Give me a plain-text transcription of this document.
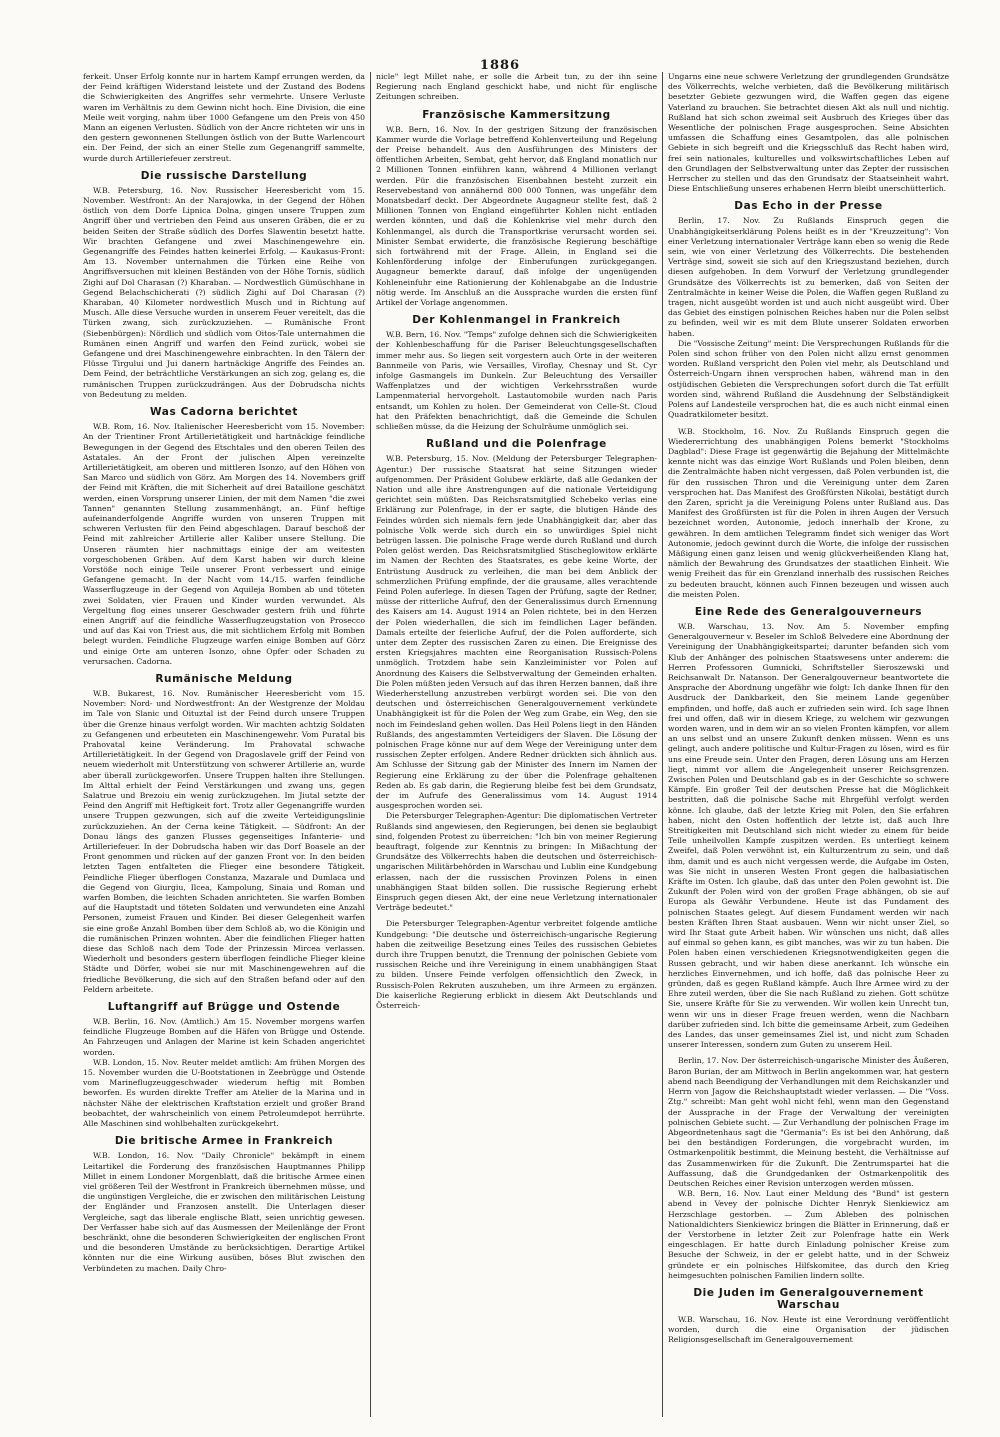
1886

ferkeit. Unser Erfolg konnte nur in hartem Kampf errungen werden, da der Feind kräftigen Widerstand leistete und der Zustand des Bodens die Schwierigkeiten des Angriffes sehr vermehrte. Unsere Verluste waren im Verhältnis zu dem Gewinn nicht hoch. Eine Division, die eine Meile weit vorging, nahm über 1000 Gefangene um den Preis von 450 Mann an eigenen Verlusten. Südlich von der Ancre richteten wir uns in den gestern gewonnenen Stellungen östlich von der Butte Warlencourt ein. Der Feind, der sich an einer Stelle zum Gegenangriff sammelte, wurde durch Artilleriefeuer zerstreut.

Die russische Darstellung

W.B. Petersburg, 16. Nov. Russischer Heeresbericht vom 15. November. Westfront: An der Narajowka, in der Gegend der Höhen östlich von dem Dorfe Lipnica Dolna, gingen unsere Truppen zum Angriff über und vertrieben den Feind aus unseren Gräben, die er zu beiden Seiten der Straße südlich des Dorfes Slawentin besetzt hatte. Wir brachten Gefangene und zwei Maschinengewehre ein. Gegenangriffe des Feindes hatten keinerlei Erfolg. — Kaukasus-Front: Am 13. November unternahmen die Türken eine Reihe von Angriffsversuchen mit kleinen Beständen von der Höhe Tornis, südlich Zighi auf Dol Charasan (?) Kharaban. — Nordwestlich Gümüschhane in Gegend Belachschicherati (?) südlich Zighi auf Dol Charasan (?) Kharaban, 40 Kilometer nordwestlich Musch und in Richtung auf Musch. Alle diese Versuche wurden in unserem Feuer vereitelt, das die Türken zwang, sich zurückzuziehen. — Rumänische Front (Siebenbürgen): Nördlich und südlich vom Oitos-Tale unternahmen die Rumänen einen Angriff und warfen den Feind zurück, wobei sie Gefangene und drei Maschinengewehre einbrachten. In den Tälern der Flüsse Tirgului und Jui danern hartnäckige Angriffe des Feindes an. Dem Feind, der beträchtliche Verstärkungen an sich zog, gelang es, die rumänischen Truppen zurückzudrängen. Aus der Dobrudscha nichts von Bedeutung zu melden.

Was Cadorna berichtet

W.B. Rom, 16. Nov. Italienischer Heeresbericht vom 15. November: An der Trientiner Front Artillerietätigkeit und hartnäckige feindliche Bewegungen in der Gegend des Etschtales und den oberen Teilen des Astatales. An der Front der julischen Alpen vereinzelte Artillerietätigkeit, am oberen und mittleren Isonzo, auf den Höhen von San Marco und südlich von Görz. Am Morgen des 14. Novembers griff der Feind mit Kräften, die mit Sicherheit auf drei Bataillone geschätzt werden, einen Vorsprung unserer Linien, der mit dem Namen "die zwei Tannen" genannten Stellung zusammenhängt, an. Fünf heftige aufeinanderfolgende Angriffe wurden von unseren Truppen mit schweren Verlusten für den Feind abgeschlagen. Darauf beschoß der Feind mit zahlreicher Artillerie aller Kaliber unsere Stellung. Die Unseren räumten hier nachmittags einige der am weitesten vorgeschobenen Gräben. Auf dem Karst haben wir durch kleine Vorstöße noch einige Teile unserer Front verbessert und einige Gefangene gemacht. In der Nacht vom 14./15. warfen feindliche Wasserflugzeuge in der Gegend von Aquileja Bomben ab und töteten zwei Soldaten, vier Frauen und Kinder wurden verwundet. Als Vergeltung flog eines unserer Geschwader gestern früh und führte einen Angriff auf die feindliche Wasserflugzeugstation von Prosecco und auf das Kai von Triest aus, die mit sichtlichem Erfolg mit Bomben belegt wurden. Feindliche Flugzeuge warfen einige Bomben auf Görz und einige Orte am unteren Isonzo, ohne Opfer oder Schaden zu verursachen. Cadorna.

Rumänische Meldung

W.B. Bukarest, 16. Nov. Rumänischer Heeresbericht vom 15. November: Nord- und Nordwestfront: An der Westgrenze der Moldau im Tale von Slanic und Oituztal ist der Feind durch unsere Truppen über die Grenze hinaus verfolgt worden. Wir machten achtzig Soldaten zu Gefangenen und erbeuteten ein Maschinengewehr. Vom Puratal bis Prahovatal keine Veränderung. Im Prahovatal schwache Artillerietätigkeit. In der Gegend von Dragoslavele griff der Feind von neuem wiederholt mit Unterstützung von schwerer Artillerie an, wurde aber überall zurückgeworfen. Unsere Truppen halten ihre Stellungen. Im Alttal erhielt der Feind Verstärkungen und zwang uns, gegen Salatrue und Brezoiu ein wenig zurückzugehen. Im Jiutal setzte der Feind den Angriff mit Heftigkeit fort. Trotz aller Gegenangriffe wurden unsere Truppen gezwungen, sich auf die zweite Verteidigungslinie zurückzuziehen. An der Cerna keine Tätigkeit. — Südfront: An der Donau längs des ganzen Flusses gegenseitiges Infanterie- und Artilleriefeuer. In der Dobrudscha haben wir das Dorf Boasele an der Front genommen und rücken auf der ganzen Front vor. In den beiden letzten Tagen entfalteten die Flieger eine besondere Tätigkeit. Feindliche Flieger überflogen Constanza, Mazarale und Dumlaca und die Gegend von Giurgiu, Ilcea, Kampolung, Sinaia und Roman und warfen Bomben, die leichten Schaden anrichteten. Sie warfen Bomben auf die Hauptstadt und töteten Soldaten und verwundeten eine Anzahl Personen, zumeist Frauen und Kinder. Bei dieser Gelegenheit warfen sie eine große Anzahl Bomben über dem Schloß ab, wo die Königin und die rumänischen Prinzen wohnten. Aber die feindlichen Flieger hatten diese das Schloß nach dem Tode der Prinzessin Mircea verlassen. Wiederholt und besonders gestern überflogen feindliche Flieger kleine Städte und Dörfer, wobei sie nur mit Maschinengewehren auf die friedliche Bevölkerung, die sich auf den Straßen befand oder auf den Feldern arbeitete.

Luftangriff auf Brügge und Ostende

W.B. Berlin, 16. Nov. (Amtlich.) Am 15. November morgens warfen feindliche Flugzeuge Bomben auf die Häfen von Brügge und Ostende. An Fahrzeugen und Anlagen der Marine ist kein Schaden angerichtet worden.

W.B. London, 15. Nov. Reuter meldet amtlich: Am frühen Morgen des 15. November wurden die U-Bootstationen in Zeebrügge und Ostende vom Marineflugzeuggeschwader wiederum heftig mit Bomben beworfen. Es wurden direkte Treffer am Atelier de la Marina und in nächster Nähe der elektrischen Kraftstation erzielt und großer Brand beobachtet, der wahrscheinlich von einem Petroleumdepot herrührte. Alle Maschinen sind wohlbehalten zurückgekehrt.

Die britische Armee in Frankreich

W.B. London, 16. Nov. "Daily Chronicle" bekämpft in einem Leitartikel die Forderung des französischen Hauptmannes Philipp Millet in einem Londoner Morgenblatt, daß die britische Armee einen viel größeren Teil der Westfront in Frankreich übernehmen müsse, und die ungünstigen Vergleiche, die er zwischen den militärischen Leistung der Engländer und Franzosen anstellt. Die Unterlagen dieser Vergleiche, sagt das liberale englische Blatt, seien unrichtig gewesen. Der Verfasser habe sich auf das Ausmessen der Meilenlänge der Front beschränkt, ohne die besonderen Schwierigkeiten der englischen Front und die besonderen Umstände zu berücksichtigen. Derartige Artikel könnten nur die eine Wirkung ausüben, böses Blut zwischen den Verbündeten zu machen. Daily Chro-

nicle" legt Millet nahe, er solle die Arbeit tun, zu der ihn seine Regierung nach England geschickt habe, und nicht für englische Zeitungen schreiben.

Französische Kammersitzung

W.B. Bern, 16. Nov. In der gestrigen Sitzung der französischen Kammer wurde die Vorlage betreffend Kohlenverteilung und Regelung der Preise behandelt. Aus den Ausführungen des Ministers der öffentlichen Arbeiten, Sembat, geht hervor, daß England monatlich nur 2 Millionen Tonnen einführen kann, während 4 Millionen verlangt werden. Für die französischen Eisenbahnen besteht zurzeit ein Reservebestand von annähernd 800 000 Tonnen, was ungefähr dem Monatsbedarf deckt. Der Abgeordnete Augagneur stellte fest, daß 2 Millionen Tonnen von England eingeführter Kohlen nicht entladen werden könnten, und daß die Kohlenkrise viel mehr durch den Kohlenmangel, als durch die Transportkrise verursacht worden sei. Minister Sembat erwiderte, die französische Regierung beschäftige sich fortwährend mit der Frage. Allein, in England sei die Kohlenförderung infolge der Einberufungen zurückgegangen. Augagneur bemerkte darauf, daß infolge der ungenügenden Kohleneinfuhr eine Rationierung der Kohlenabgabe an die Industrie nötig werde. Im Anschluß an die Aussprache wurden die ersten fünf Artikel der Vorlage angenommen.

Der Kohlenmangel in Frankreich

W.B. Bern, 16. Nov. "Temps" zufolge dehnen sich die Schwierigkeiten der Kohlenbeschaffung für die Pariser Beleuchtungsgesellschaften immer mehr aus. So liegen seit vorgestern auch Orte in der weiteren Bannmeile von Paris, wie Versailles, Viroflay, Chesnay und St. Cyr infolge Gasmangels im Dunkeln. Zur Beleuchtung des Versailler Waffenplatzes und der wichtigen Verkehrsstraßen wurde Lampenmaterial hervorgeholt. Lastautomobile wurden nach Paris entsandt, um Kohlen zu holen. Der Gemeinderat von Celle-St. Cloud hat den Präfekten benachrichtigt, daß die Gemeinde die Schulen schließen müsse, da die Heizung der Schulräume unmöglich sei.

Rußland und die Polenfrage

W.B. Petersburg, 15. Nov. (Meldung der Petersburger Telegraphen-Agentur.) Der russische Staatsrat hat seine Sitzungen wieder aufgenommen. Der Präsident Golubew erklärte, daß alle Gedanken der Nation und alle ihre Anstrengungen auf die nationale Verteidigung gerichtet sein müßten. Das Reichsratsmitglied Schebeko verlas eine Erklärung zur Polenfrage, in der er sagte, die blutigen Hände des Feindes würden sich niemals fern jede Unabhängigkeit dar, aber das polnische Volk werde sich durch ein so unwürdiges Spiel nicht betrügen lassen. Die polnische Frage werde durch Rußland und durch Polen gelöst werden. Das Reichsratsmitglied Stischeglowitow erklärte im Namen der Rechten des Staatsrates, es gebe keine Worte, der Entrüstung Ausdruck zu verleihen, die man bei dem Anblick der schmerzlichen Prüfung empfinde, der die grausame, alles verachtende Feind Polen auferlege. In diesen Tagen der Prüfung, sagte der Redner, müsse der ritterliche Aufruf, den der Generalissimus durch Ernennung des Kaisers am 14. August 1914 an Polen richtete, bei in den Herzen der Polen wiederhallen, die sich im feindlichen Lager befänden. Damals erteilte der feierliche Aufruf, der die Polen aufforderte, sich unter dem Zepter des russischen Zaren zu einen. Die Ereignisse des ersten Kriegsjahres machten eine Reorganisation Russisch-Polens unmöglich. Trotzdem habe sein Kanzleiminister vor Polen auf Anordnung des Kaisers die Selbstverwaltung der Gemeinden erhalten. Die Polen müßten jeden Versuch auf das ihren Herzen bannen, daß ihre Wiederherstellung anzustreben verbürgt worden sei. Die von den deutschen und österreichischen Generalgouvernement verkündete Unabhängigkeit ist für die Polen der Weg zum Grabe, ein Weg, den sie noch im Feindesland gehen wollen. Das Heil Polens liegt in den Händen Rußlands, des angestammten Verteidigers der Slaven. Die Lösung der polnischen Frage könne nur auf dem Wege der Vereinigung unter dem russischen Zepter erfolgen. Andere Redner drückten sich ähnlich aus. Am Schlusse der Sitzung gab der Minister des Innern im Namen der Regierung eine Erklärung zu der über die Polenfrage gehaltenen Reden ab. Es gab darin, die Regierung bleibe fest bei dem Grundsatz, der im Aufrufe des Generalissimus vom 14. August 1914 ausgesprochen worden sei.

Die Petersburger Telegraphen-Agentur: Die diplomatischen Vertreter Rußlands sind angewiesen, den Regierungen, bei denen sie beglaubigt sind, folgenden Protest zu überreichen: "Ich bin von meiner Regierung beauftragt, folgende zur Kenntnis zu bringen: In Mißachtung der Grundsätze des Völkerrechts haben die deutschen und österreichisch-ungarischen Militärbehörden in Warschau und Lublin eine Kundgebung erlassen, nach der die russischen Provinzen Polens in einen unabhängigen Staat bilden sollen. Die russische Regierung erhebt Einspruch gegen diesen Akt, der eine neue Verletzung internationaler Verträge bedeutet."

Die Petersburger Telegraphen-Agentur verbreitet folgende amtliche Kundgebung: "Die deutsche und österreichisch-ungarische Regierung haben die zeitweilige Besetzung eines Teiles des russischen Gebietes durch ihre Truppen benutzt, die Trennung der polnischen Gebiete vom russischen Reiche und ihre Vereinigung in einem unabhängigen Staat zu bilden. Unsere Feinde verfolgen offensichtlich den Zweck, in Russisch-Polen Rekruten auszuheben, um ihre Armeen zu ergänzen. Die kaiserliche Regierung erblickt in diesem Akt Deutschlands und Österreich-

Ungarns eine neue schwere Verletzung der grundlegenden Grundsätze des Völkerrechts, welche verbieten, daß die Bevölkerung militärisch besetzter Gebiete gezwungen wird, die Waffen gegen das eigene Vaterland zu brauchen. Sie betrachtet diesen Akt als null und nichtig. Rußland hat sich schon zweimal seit Ausbruch des Krieges über das Wesentliche der polnischen Frage ausgesprochen. Seine Absichten umfassen die Schaffung eines Gesamtpolen, das alle polnischen Gebiete in sich begreift und die Kriegsschluß das Recht haben wird, frei sein nationales, kulturelles und volkswirtschaftliches Leben auf den Grundlagen der Selbstverwaltung unter das Zepter der russischen Herrscher zu stellen und das den Grundsatz der Staatseinheit wahrt. Diese Entschließung unseres erhabenen Herrn bleibt unerschütterlich.

Das Echo in der Presse

Berlin, 17. Nov. Zu Rußlands Einspruch gegen die Unabhängigkeitserklärung Polens heißt es in der "Kreuzzeitung": Von einer Verletzung internationaler Verträge kann eben so wenig die Rede sein, wie von einer Verletzung des Völkerrechts. Die bestehenden Verträge sind, soweit sie sich auf den Kriegszustand beziehen, durch diesen aufgehoben. In dem Vorwurf der Verletzung grundlegender Grundsätze des Völkerrechts ist zu bemerken, daß von Seiten der Zentralmächte in keiner Weise die Polen, die Waffen gegen Rußland zu tragen, nicht ausgeübt worden ist und auch nicht ausgeübt wird. Über das Gebiet des einstigen polnischen Reiches haben nur die Polen selbst zu befinden, weil wir es mit dem Blute unserer Soldaten erworben haben.

Die "Vossische Zeitung" meint: Die Versprechungen Rußlands für die Polen sind schon früher von den Polen nicht allzu ernst genommen worden. Rußland verspricht den Polen viel mehr, als Deutschland und Österreich-Ungarn ihnen versprochen haben, während man in den ostjüdischen Gebieten die Versprechungen sofort durch die Tat erfüllt worden sind, während Rußland die Ausdehnung der Selbständigkeit Polens auf Landesteile versprochen hat, die es auch nicht einmal einen Quadratkilometer besitzt.

W.B. Stockholm, 16. Nov. Zu Rußlands Einspruch gegen die Wiedererrichtung des unabhängigen Polens bemerkt "Stockholms Dagblad": Diese Frage ist gegenwärtig die Bejahung der Mittelmächte kennte nicht was das einzige Wort Rußlands und Polen bleiben, denn die Zentralmächte haben nicht vergessen, daß Polen verbunden ist, die für den russischen Thron und die Vereinigung unter dem Zaren versprochen hat. Das Manifest des Großfürsten Nikolai, bestätigt durch den Zaren, spricht ja die Vereinigung Polens unter Rußland aus. Das Manifest des Großfürsten ist für die Polen in ihren Augen der Versuch bezeichnet worden, Autonomie, jedoch innerhalb der Krone, zu gewähren. In dem amtlichen Telegramm findet sich weniger das Wort Autonomie, jedoch gewinnt durch die Worte, die infolge der russischen Mäßigung einen ganz leisen und wenig glückverheißenden Klang hat, nämlich der Bewahrung des Grundsatzes der staatlichen Einheit. Wie wenig Freiheit das für ein Grenzland innerhalb des russischen Reiches zu bedeuten braucht, können auch Finnen bezeugen und wissen auch die meisten Polen.

Eine Rede des Generalgouverneurs

W.B. Warschau, 13. Nov. Am 5. November empfing Generalgouverneur v. Beseler im Schloß Belvedere eine Abordnung der Vereinigung der Unabhängigkeitspartei; darunter befanden sich vom Klub der Anhänger des polnischen Staatswesens unter anderem: die Herren Professoren Gumnicki, Schriftsteller Sieroszewski und Reichsanwalt Dr. Natanson. Der Generalgouverneur beantwortete die Ansprache der Abordnung ungefähr wie folgt: Ich danke Ihnen für den Ausdruck der Dankbarkeit, den Sie meinem Lande gegenüber empfinden, und hoffe, daß auch er zufrieden sein wird. Ich sage Ihnen frei und offen, daß wir in diesem Kriege, zu welchem wir gezwungen worden waren, und in dem wir an so vielen Fronten kämpfen, vor allem an uns selbst und an unsere Zukunft denken müssen. Wenn es uns gelingt, auch andere politische und Kultur-Fragen zu lösen, wird es für uns eine Freude sein. Unter den Fragen, deren Lösung uns am Herzen liegt, nimmt vor allem die Angelegenheit unserer Reichsgrenzen. Zwischen Polen und Deutschland gab es in der Geschichte so schwere Kämpfe. Ein großer Teil der deutschen Presse hat die Möglichkeit bestritten, daß die polnische Sache mit Ehrgefühl verfolgt werden könne. Ich glaube, daß der letzte Krieg mit Polen, den Sie erfahren haben, nicht den Osten hoffentlich der letzte ist, daß auch Ihre Streitigkeiten mit Deutschland sich nicht wieder zu einem für beide Teile unheilvollen Kampfe zuspitzen werden. Es unterliegt keinem Zweifel, daß Polen verwöhnt ist, ein Kulturzentrum zu sein, und daß ihm, damit und es auch nicht vergessen werde, die Aufgabe im Osten, was Sie nicht in unseren Westen Front gegen die halbasiatischen Kräfte im Osten. Ich glaube, daß das unter den Polen gewohnt ist. Die Zukunft der Polen wird von der großen Frage abhängen, ob sie auf Europa als Gewähr Verbundene. Heute ist das Fundament des polnischen Staates gelegt. Auf diesem Fundament werden wir nach besten Kräften Ihren Staat ausbauen. Wenn wir nicht unser Ziel, so wird Ihr Staat gute Arbeit haben. Wir wünschen uns nicht, daß alles auf einmal so gehen kann, es gibt manches, was wir zu tun haben. Die Polen haben einen verschiedenen Kriegsnotwendigkeiten gegen die Russen gebracht, und wir haben diese anerkannt. Ich wünsche ein herzliches Einvernehmen, und ich hoffe, daß das polnische Heer zu gründen, daß es gegen Rußland kämpfe. Auch Ihre Armee wird zu der Ehre zuteil werden, über die Sie nach Rußland zu ziehen. Gott schütze Sie, unsere Kräfte für Sie zu verwenden. Wir wollen kein Unrecht tun, wenn wir uns in dieser Frage freuen werden, wenn die Nachbarn darüber zufrieden sind. Ich bitte die gemeinsame Arbeit, zum Gedeihen des Landes, das unser gemeinsames Ziel ist, und nicht zum Schaden unserer Interessen, sondern zum Guten zu unserem Heil.

Berlin, 17. Nov. Der österreichisch-ungarische Minister des Äußeren, Baron Burian, der am Mittwoch in Berlin angekommen war, hat gestern abend nach Beendigung der Verhandlungen mit dem Reichskanzler und Herrn von Jagow die Reichshauptstadt wieder verlassen. — Die "Voss. Ztg." schreibt: Man geht wohl nicht fehl, wenn man den Gegenstand der Aussprache in der Frage der Verwaltung der vereinigten polnischen Gebiete sucht. — Zur Verhandlung der polnischen Frage im Abgeordnetenhaus sagt die "Germania": Es ist bei den Anhörung, daß bei den beständigen Forderungen, die vorgebracht wurden, im Ostmarkenpolitik bestimmt, die Meinung besteht, die Verhältnisse auf das Zusammenwirken für die Zukunft. Die Zentrumspartei hat die Auffassung, daß die Grundgedanken der Ostmarkenpolitik des Deutschen Reiches einer Revision unterzogen werden müssen.

W.B. Bern, 16. Nov. Laut einer Meldung des "Bund" ist gestern abend in Vevey der polnische Dichter Henryk Sienkiewicz am Herzschlage gestorben. — Zum Ableben des polnischen Nationaldichters Sienkiewicz bringen die Blätter in Erinnerung, daß er der Verstorbene in letzter Zeit zur Polenfrage hatte ein Werk eingeschlagen. Er hatte durch Einladung polnischer Kreise zum Besuche der Schweiz, in der er gelebt hatte, und in der Schweiz gründete er ein polnisches Hilfskomitee, das durch den Krieg heimgesuchten polnischen Familien lindern sollte.

Die Juden im Generalgouvernement Warschau

W.B. Warschau, 16. Nov. Heute ist eine Verordnung veröffentlicht worden, durch die eine Organisation der jüdischen Religionsgesellschaft im Generalgouvernement
